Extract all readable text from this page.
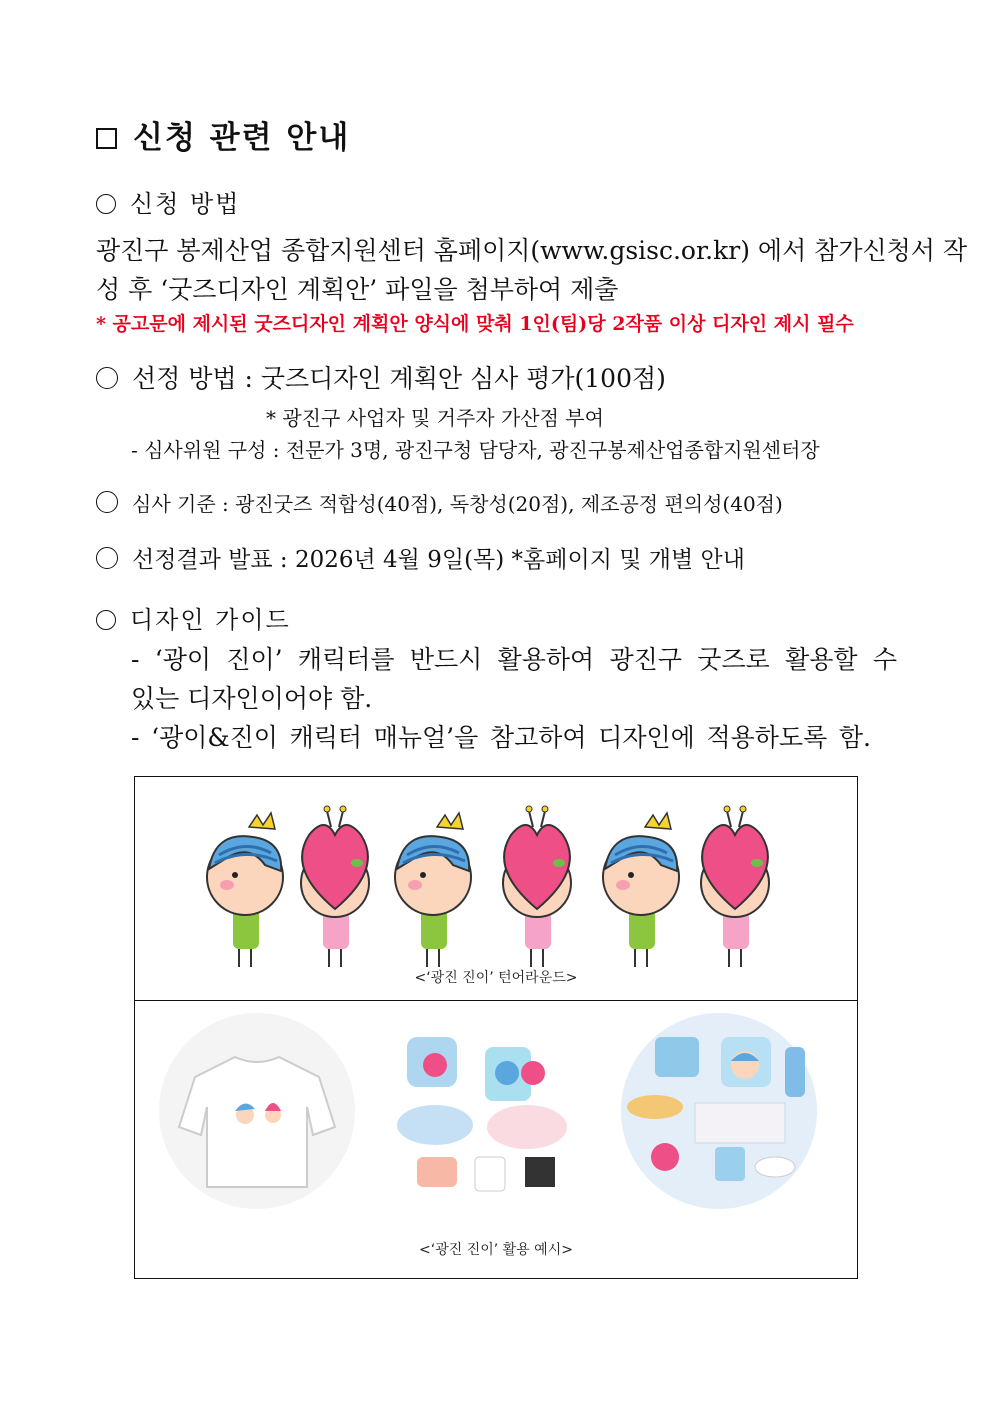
신청 관련 안내
신청 방법
광진구 봉제산업 종합지원센터 홈페이지(www.gsisc.or.kr) 에서 참가신청서 작
성 후 ‘굿즈디자인 계획안’ 파일을 첨부하여 제출
* 공고문에 제시된 굿즈디자인 계획안 양식에 맞춰 1인(팀)당 2작품 이상 디자인 제시 필수
선정 방법 : 굿즈디자인 계획안 심사 평가(100점)
* 광진구 사업자 및 거주자 가산점 부여
- 심사위원 구성 : 전문가 3명, 광진구청 담당자, 광진구봉제산업종합지원센터장
심사 기준 : 광진굿즈 적합성(40점), 독창성(20점), 제조공정 편의성(40점)
선정결과 발표 : 2026년 4월 9일(목) *홈페이지 및 개별 안내
디자인 가이드
- ‘광이 진이’ 캐릭터를 반드시 활용하여 광진구 굿즈로 활용할 수
있는 디자인이어야 함.
- ‘광이&진이 캐릭터 매뉴얼’을 참고하여 디자인에 적용하도록 함.
<‘광진 진이’ 턴어라운드>
<‘광진 진이’ 활용 예시>
